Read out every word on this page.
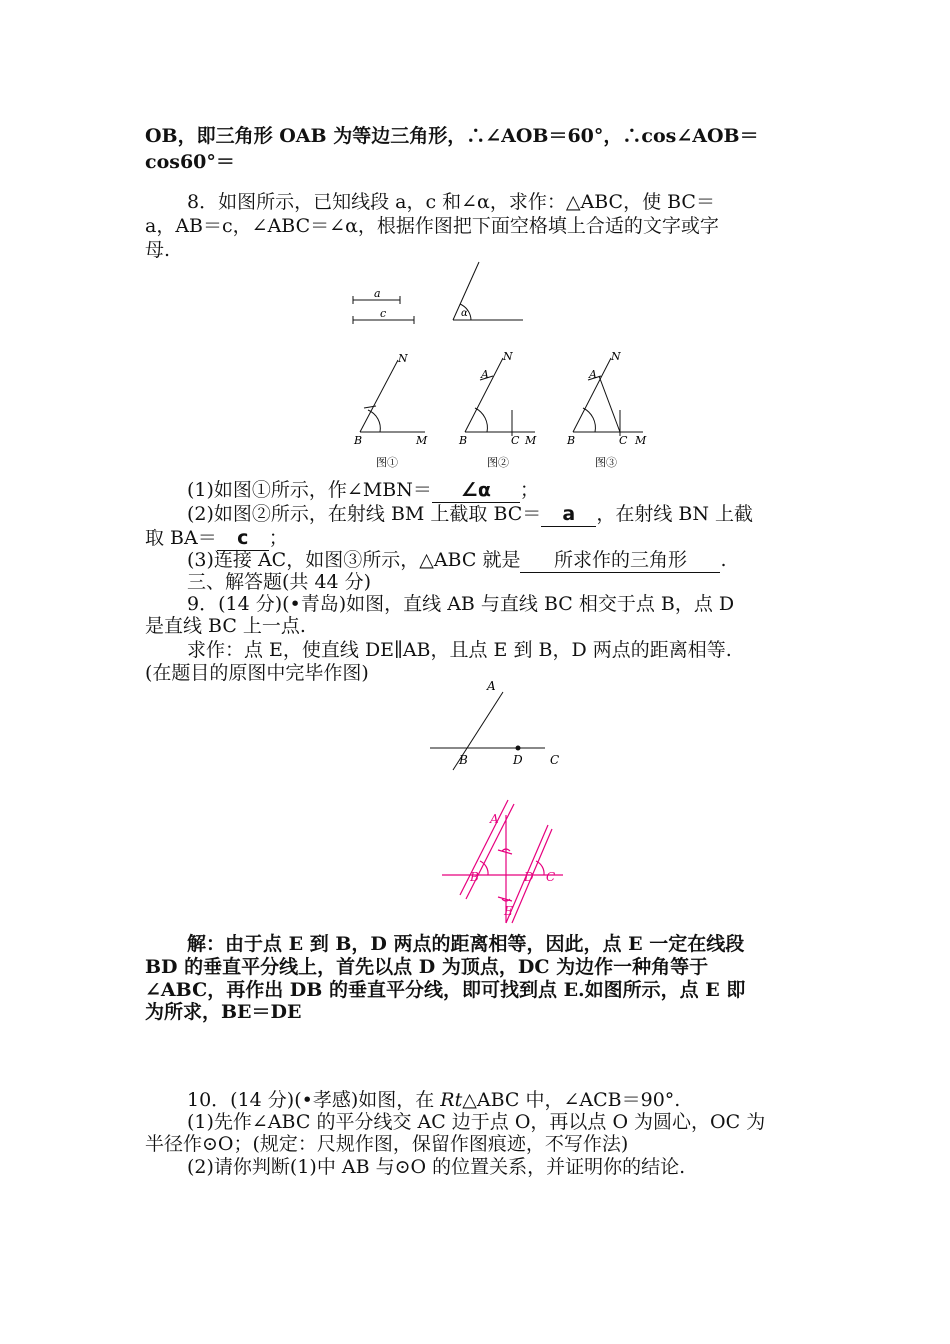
OB，即三角形 OAB 为等边三角形，∴∠AOB＝60°，∴cos∠AOB＝
cos60°＝
8．如图所示，已知线段 a，c 和∠α，求作：△ABC，使 BC＝
a，AB＝c，∠ABC＝∠α，根据作图把下面空格填上合适的文字或字
母.
a
c	α
N
B	M
图①
N
A
B	C M
图②
N
A
B	C M
图③
(1)如图①所示，作∠MBN＝ ∠α ；
(2)如图②所示，在射线 BM 上截取 BC＝ a ，在射线 BN 上截
取 BA＝ c ；
(3)连接 AC，如图③所示，△ABC 就是 所求作的三角形 .
三、解答题(共 44 分)
9．(14 分)(•青岛)如图，直线 AB 与直线 BC 相交于点 B，点 D
是直线 BC 上一点.
求作：点 E，使直线 DE∥AB，且点 E 到 B，D 两点的距离相等.
(在题目的原图中完毕作图)
A
B	D C
A
B	D C
E
解：由于点 E 到 B，D 两点的距离相等，因此，点 E 一定在线段
BD 的垂直平分线上，首先以点 D 为顶点，DC 为边作一种角等于
∠ABC，再作出 DB 的垂直平分线，即可找到点 E.如图所示，点 E 即
为所求，BE＝DE
10．(14 分)(•孝感)如图，在 Rt△ABC 中，∠ACB＝90°.
(1)先作∠ABC 的平分线交 AC 边于点 O，再以点 O 为圆心，OC 为
半径作⊙O；(规定：尺规作图，保留作图痕迹，不写作法)
(2)请你判断(1)中 AB 与⊙O 的位置关系，并证明你的结论.
